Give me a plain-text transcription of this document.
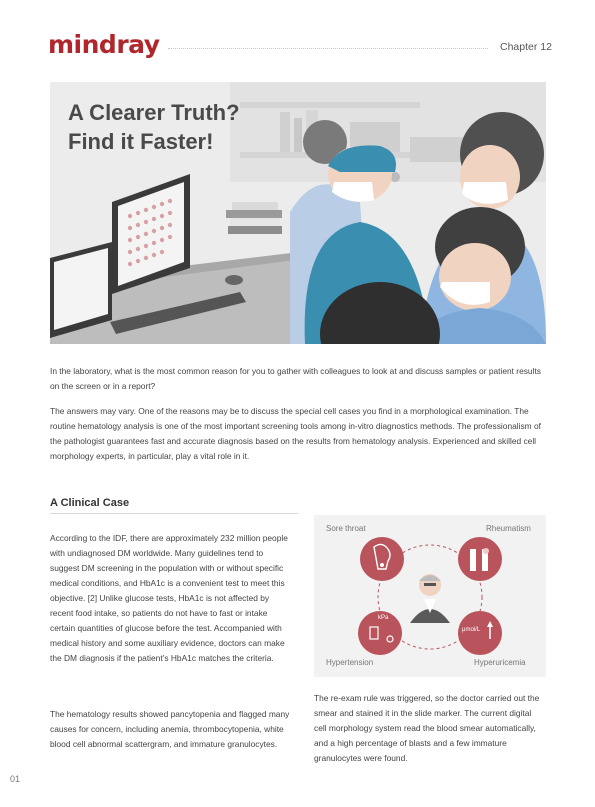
mindray	Chapter 12
A Clearer Truth?
Find it Faster!
In the laboratory, what is the most common reason for you to gather with colleagues to look at and discuss samples or patient results on the screen or in a report?
The answers may vary. One of the reasons may be to discuss the special cell cases you find in a morphological examination. The routine hematology analysis is one of the most important screening tools among in-vitro diagnostics methods. The professionalism of the pathologist guarantees fast and accurate diagnosis based on the results from hematology analysis. Experienced and skilled cell morphology experts, in particular, play a vital role in it.
A Clinical Case
According to the IDF, there are approximately 232 million people with undiagnosed DM worldwide. Many guidelines tend to suggest DM screening in the population with or without specific medical conditions, and HbA1c is a convenient test to meet this objective. [2] Unlike glucose tests, HbA1c is not affected by recent food intake, so patients do not have to fast or intake certain quantities of glucose before the test. Accompanied with medical history and some auxiliary evidence, doctors can make the DM diagnosis if the patient’s HbA1c matches the criteria.
The hematology results showed pancytopenia and flagged many causes for concern, including anemia, thrombocytopenia, white blood cell abnormal scattergram, and immature granulocytes.
Sore throat	Rheumatism
Hypertension	Hyperuricemia
kPa
μmol/L
The re-exam rule was triggered, so the doctor carried out the smear and stained it in the slide marker. The current digital cell morphology system read the blood smear automatically, and a high percentage of blasts and a few immature granulocytes were found.
01
